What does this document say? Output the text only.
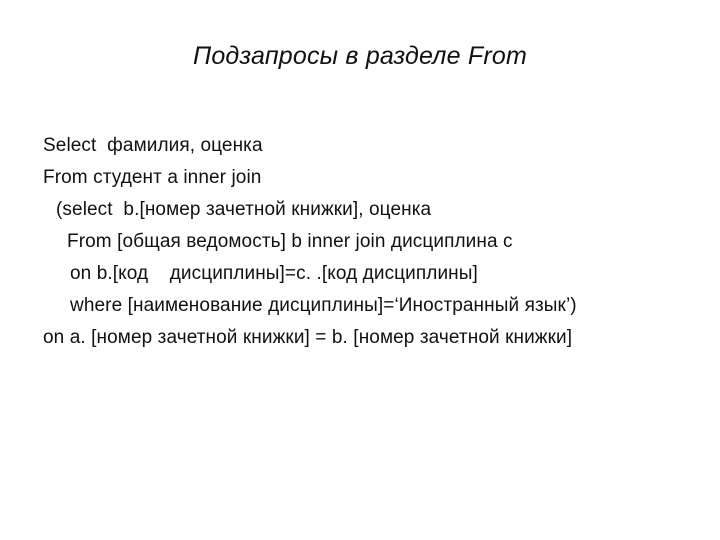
Подзапросы в разделе From
Select  фамилия, оценка
From студент a inner join
(select  b.[номер зачетной книжки], оценка
From [общая ведомость] b inner join дисциплина c
on b.[код    дисциплины]=c. .[код дисциплины]
where [наименование дисциплины]=‘Иностранный язык’)
on a. [номер зачетной книжки] = b. [номер зачетной книжки]
